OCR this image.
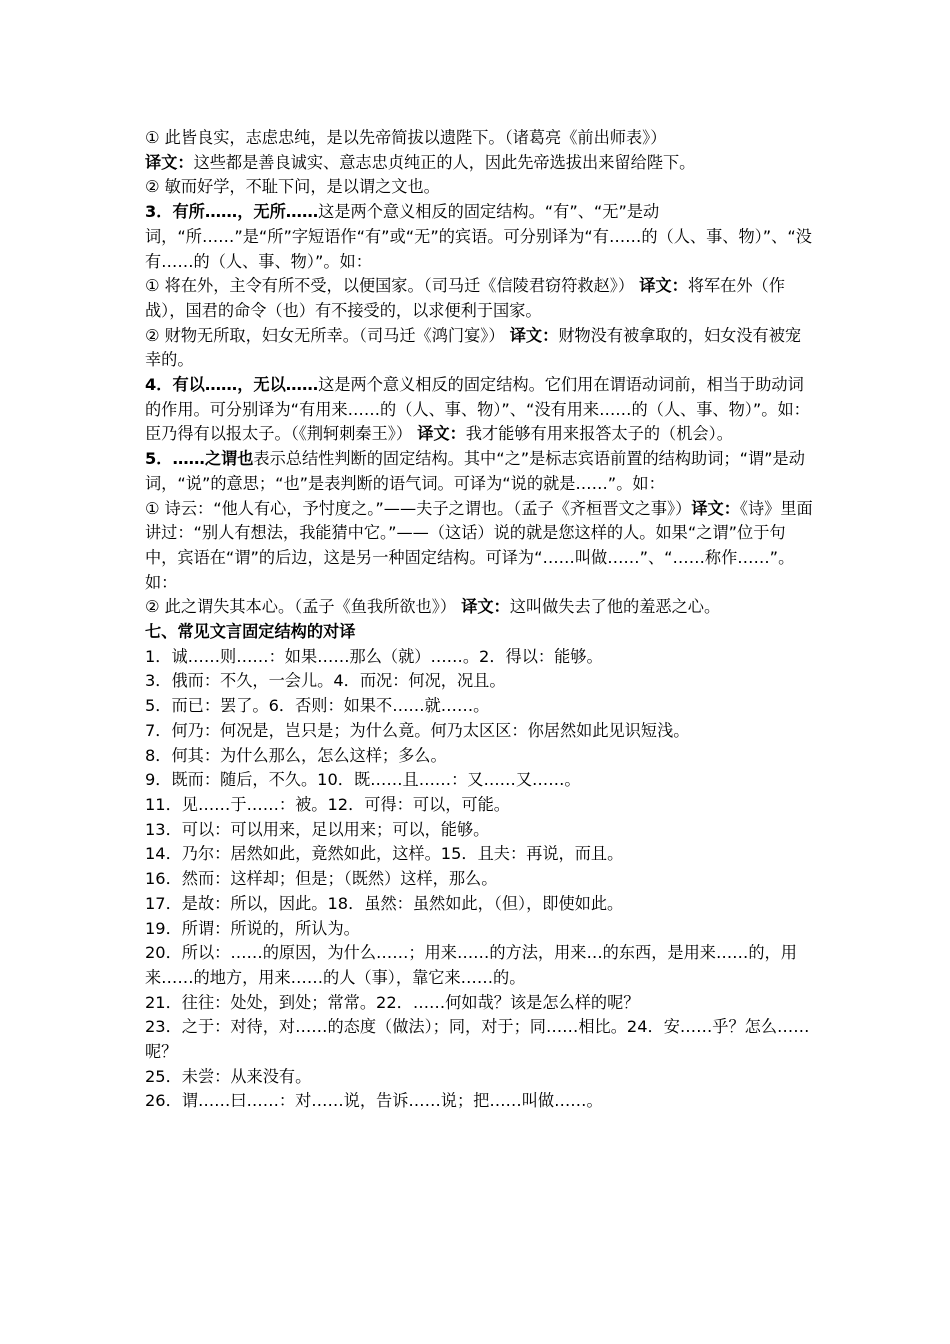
① 此皆良实，志虑忠纯，是以先帝简拔以遗陛下。（诸葛亮《前出师表》）

译文：这些都是善良诚实、意志忠贞纯正的人，因此先帝选拔出来留给陛下。

② 敏而好学，不耻下问，是以谓之文也。

3．有所……，无所……这是两个意义相反的固定结构。“有”、“无”是动词，“所……”是“所”字短语作“有”或“无”的宾语。可分别译为“有……的（人、事、物）”、“没有……的（人、事、物）”。如：

① 将在外，主令有所不受，以便国家。（司马迁《信陵君窃符救赵》） 译文：将军在外（作战），国君的命令（也）有不接受的，以求便利于国家。

② 财物无所取，妇女无所幸。（司马迁《鸿门宴》） 译文：财物没有被拿取的，妇女没有被宠幸的。

4．有以……，无以……这是两个意义相反的固定结构。它们用在谓语动词前，相当于助动词的作用。可分别译为“有用来……的（人、事、物）”、“没有用来……的（人、事、物）”。如：

臣乃得有以报太子。（《荆轲刺秦王》） 译文：我才能够有用来报答太子的（机会）。

5．……之谓也表示总结性判断的固定结构。其中“之”是标志宾语前置的结构助词；“谓”是动词，“说”的意思；“也”是表判断的语气词。可译为“说的就是……”。如：

① 诗云：“他人有心，予忖度之。”——夫子之谓也。（孟子《齐桓晋文之事》）译文：《诗》里面讲过：“别人有想法，我能猜中它。”——（这话）说的就是您这样的人。如果“之谓”位于句中，宾语在“谓”的后边，这是另一种固定结构。可译为“……叫做……”、“……称作……”。如：

② 此之谓失其本心。（孟子《鱼我所欲也》） 译文：这叫做失去了他的羞恶之心。

七、常见文言固定结构的对译

1．诚……则……：如果……那么（就）……。2．得以：能够。

3．俄而：不久，一会儿。4．而况：何况，况且。

5．而已：罢了。6．否则：如果不……就……。

7．何乃：何况是，岂只是；为什么竟。何乃太区区：你居然如此见识短浅。

8．何其：为什么那么，怎么这样；多么。

9．既而：随后，不久。10．既……且……：又……又……。

11．见……于……：被。12．可得：可以，可能。

13．可以：可以用来，足以用来；可以，能够。

14．乃尔：居然如此，竟然如此，这样。15．且夫：再说，而且。

16．然而：这样却；但是；（既然）这样，那么。

17．是故：所以，因此。18．虽然：虽然如此，（但），即使如此。

19．所谓：所说的，所认为。

20．所以：……的原因，为什么……；用来……的方法，用来…的东西，是用来……的，用来……的地方，用来……的人（事），靠它来……的。

21．往往：处处，到处；常常。22．……何如哉？该是怎么样的呢？

23．之于：对待，对……的态度（做法）；同，对于；同……相比。24．安……乎？怎么……呢？

25．未尝：从来没有。

26．谓……曰……：对……说，告诉……说；把……叫做……。
